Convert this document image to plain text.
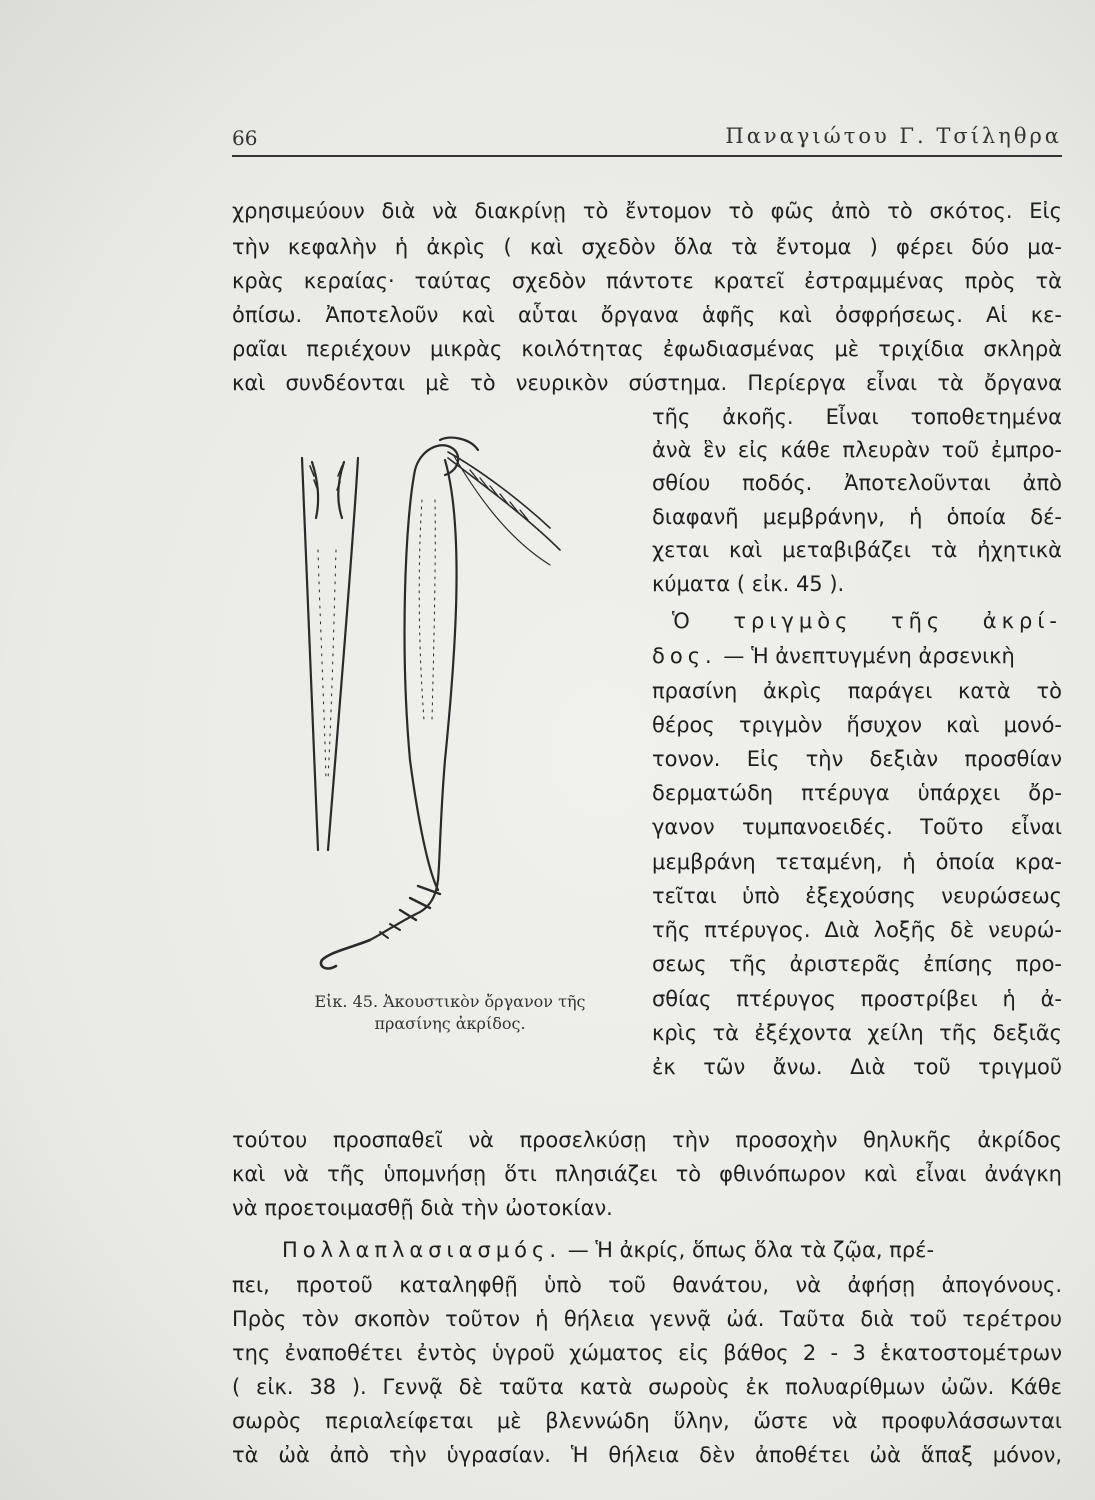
66	Παναγιώτου Γ. Τσίληθρα
χρησιμεύουν διὰ νὰ διακρίνῃ τὸ ἔντομον τὸ φῶς ἀπὸ τὸ σκότος. Εἰς
τὴν κεφαλὴν ἡ ἀκρὶς ( καὶ σχεδὸν ὅλα τὰ ἔντομα ) φέρει δύο μα-
κρὰς κεραίας· ταύτας σχεδὸν πάντοτε κρατεῖ ἐστραμμένας πρὸς τὰ
ὀπίσω. Ἀποτελοῦν καὶ αὗται ὄργανα ἁφῆς καὶ ὀσφρήσεως. Αἱ κε-
ραῖαι περιέχουν μικρὰς κοιλότητας ἐφωδιασμένας μὲ τριχίδια σκληρὰ
καὶ συνδέονται μὲ τὸ νευρικὸν σύστημα. Περίεργα εἶναι τὰ ὄργανα
τῆς ἀκοῆς. Εἶναι τοποθετημένα
ἀνὰ ἓν εἰς κάθε πλευρὰν τοῦ ἐμπρο-
σθίου ποδός. Ἀποτελοῦνται ἀπὸ
διαφανῆ μεμβράνην, ἡ ὁποία δέ-
χεται καὶ μεταβιβάζει τὰ ἠχητικὰ
κύματα ( εἰκ. 45 ).
Ὁ τριγμὸς τῆς ἀκρί-
δος. — Ἡ ἀνεπτυγμένη ἀρσενικὴ
πρασίνη ἀκρὶς παράγει κατὰ τὸ
θέρος τριγμὸν ἥσυχον καὶ μονό-
τονον. Εἰς τὴν δεξιὰν προσθίαν
δερματώδη πτέρυγα ὑπάρχει ὄρ-
γανον τυμπανοειδές. Τοῦτο εἶναι
μεμβράνη τεταμένη, ἡ ὁποία κρα-
τεῖται ὑπὸ ἐξεχούσης νευρώσεως
τῆς πτέρυγος. Διὰ λοξῆς δὲ νευρώ-
σεως τῆς ἀριστερᾶς ἐπίσης προ-
σθίας πτέρυγος προστρίβει ἡ ἀ-
κρὶς τὰ ἐξέχοντα χείλη τῆς δεξιᾶς
ἐκ τῶν ἄνω. Διὰ τοῦ τριγμοῦ
Εἰκ. 45. Ἀκουστικὸν ὄργανον τῆς
πρασίνης ἀκρίδος.
τούτου προσπαθεῖ νὰ προσελκύσῃ τὴν προσοχὴν θηλυκῆς ἀκρίδος
καὶ νὰ τῆς ὑπομνήσῃ ὅτι πλησιάζει τὸ φθινόπωρον καὶ εἶναι ἀνάγκη
νὰ προετοιμασθῇ διὰ τὴν ὠοτοκίαν.
Πολλαπλασιασμός. — Ἡ ἀκρίς, ὅπως ὅλα τὰ ζῷα, πρέ-
πει, προτοῦ καταληφθῇ ὑπὸ τοῦ θανάτου, νὰ ἀφήσῃ ἀπογόνους.
Πρὸς τὸν σκοπὸν τοῦτον ἡ θήλεια γεννᾷ ὠά. Ταῦτα διὰ τοῦ τερέτρου
της ἐναποθέτει ἐντὸς ὑγροῦ χώματος εἰς βάθος 2 - 3 ἑκατοστομέτρων
( εἰκ. 38 ). Γεννᾷ δὲ ταῦτα κατὰ σωροὺς ἐκ πολυαρίθμων ὠῶν. Κάθε
σωρὸς περιαλείφεται μὲ βλεννώδη ὕλην, ὥστε νὰ προφυλάσσωνται
τὰ ὠὰ ἀπὸ τὴν ὑγρασίαν. Ἡ θήλεια δὲν ἀποθέτει ὠὰ ἅπαξ μόνον,
